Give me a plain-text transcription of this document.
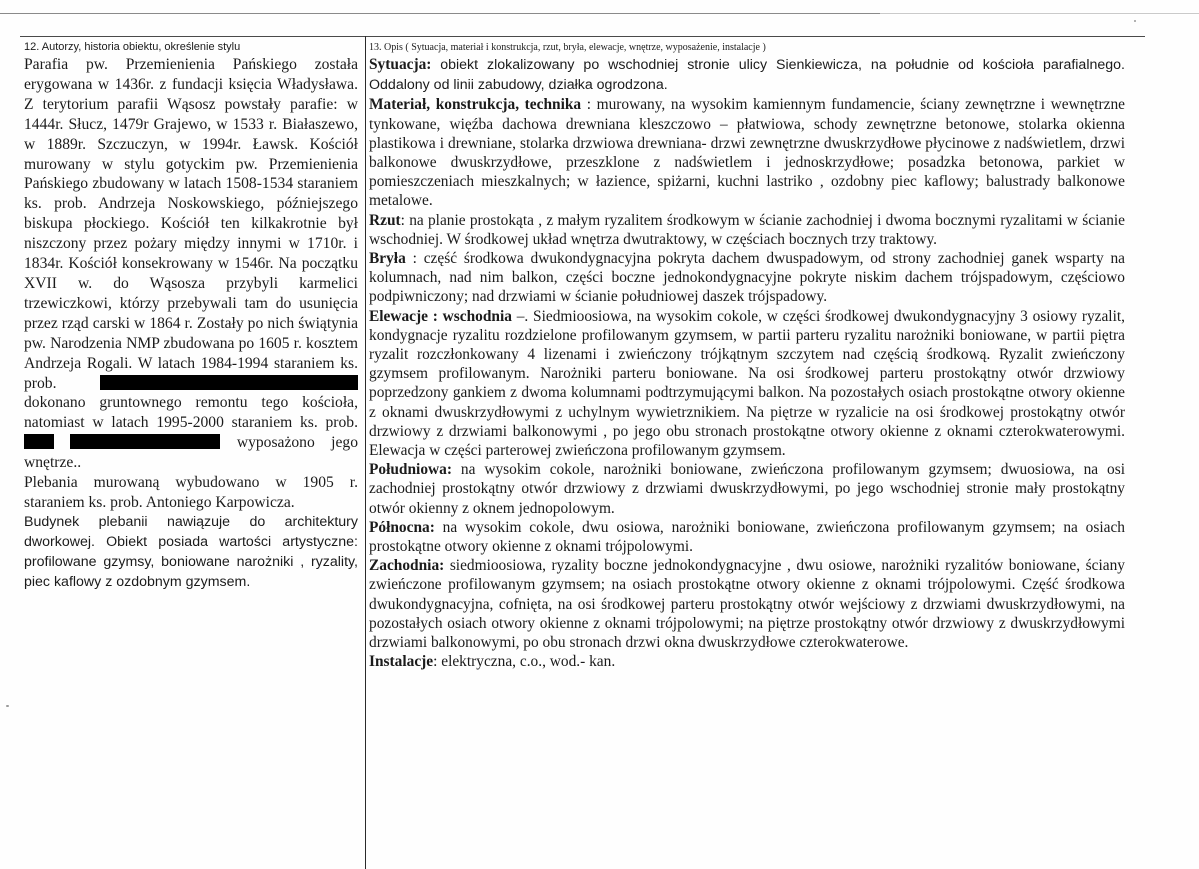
12. Autorzy, historia obiektu, określenie stylu

Parafia pw. Przemienienia Pańskiego została erygowana w 1436r. z fundacji księcia Władysława. Z terytorium parafii Wąsosz powstały parafie: w 1444r. Słucz, 1479r Grajewo, w 1533 r. Białaszewo, w 1889r. Szczuczyn, w 1994r. Ławsk. Kościół murowany w stylu gotyckim pw. Przemienienia Pańskiego zbudowany w latach 1508-1534 staraniem ks. prob. Andrzeja Noskowskiego, późniejszego biskupa płockiego. Kościół ten kilkakrotnie był niszczony przez pożary między innymi w 1710r. i 1834r. Kościół konsekrowany w 1546r. Na początku XVII w. do Wąsosza przybyli karmelici trzewiczkowi, którzy przebywali tam do usunięcia przez rząd carski w 1864 r. Zostały po nich świątynia pw. Narodzenia NMP zbudowana po 1605 r. kosztem Andrzeja Rogali. W latach 1984-1994 staraniem ks. prob.  dokonano gruntownego remontu tego kościoła, natomiast w latach 1995-2000 staraniem ks. prob.   wyposażono jego wnętrze..

Plebania murowaną wybudowano w 1905 r. staraniem ks. prob. Antoniego Karpowicza.

Budynek plebanii nawiązuje do architektury dworkowej. Obiekt posiada wartości artystyczne: profilowane gzymsy, boniowane narożniki , ryzality, piec kaflowy z ozdobnym gzymsem.

13. Opis ( Sytuacja, materiał i konstrukcja, rzut, bryła, elewacje, wnętrze, wyposażenie, instalacje )

Sytuacja: obiekt zlokalizowany po wschodniej stronie ulicy Sienkiewicza, na południe od kościoła parafialnego. Oddalony od linii zabudowy, działka ogrodzona.

Materiał, konstrukcja, technika : murowany, na wysokim kamiennym fundamencie, ściany zewnętrzne i wewnętrzne tynkowane, więźba dachowa drewniana kleszczowo – płatwiowa, schody zewnętrzne betonowe, stolarka okienna plastikowa i drewniane, stolarka drzwiowa drewniana- drzwi zewnętrzne dwuskrzydłowe płycinowe z nadświetlem, drzwi balkonowe dwuskrzydłowe, przeszklone z nadświetlem i jednoskrzydłowe; posadzka betonowa, parkiet w pomieszczeniach mieszkalnych; w łazience, spiżarni, kuchni lastriko , ozdobny piec kaflowy; balustrady balkonowe metalowe.

Rzut: na planie prostokąta , z małym ryzalitem środkowym w ścianie zachodniej i dwoma bocznymi ryzalitami w ścianie wschodniej. W środkowej układ wnętrza dwutraktowy, w częściach bocznych trzy traktowy.

Bryła : część środkowa dwukondygnacyjna pokryta dachem dwuspadowym, od strony zachodniej ganek wsparty na kolumnach, nad nim balkon, części boczne jednokondygnacyjne pokryte niskim dachem trójspadowym, częściowo podpiwniczony; nad drzwiami w ścianie południowej daszek trójspadowy.

Elewacje : wschodnia –. Siedmioosiowa, na wysokim cokole, w części środkowej dwukondygnacyjny 3 osiowy ryzalit, kondygnacje ryzalitu rozdzielone profilowanym gzymsem, w partii parteru ryzalitu narożniki boniowane, w partii piętra ryzalit rozczłonkowany 4 lizenami i zwieńczony trójkątnym szczytem nad częścią środkową. Ryzalit zwieńczony gzymsem profilowanym. Narożniki parteru boniowane. Na osi środkowej parteru prostokątny otwór drzwiowy poprzedzony gankiem z dwoma kolumnami podtrzymującymi balkon. Na pozostałych osiach prostokątne otwory okienne z oknami dwuskrzydłowymi z uchylnym wywietrznikiem. Na piętrze w ryzalicie na osi środkowej prostokątny otwór drzwiowy z drzwiami balkonowymi , po jego obu stronach prostokątne otwory okienne z oknami czterokwaterowymi. Elewacja w części parterowej zwieńczona profilowanym gzymsem.

Południowa: na wysokim cokole, narożniki boniowane, zwieńczona profilowanym gzymsem; dwuosiowa, na osi zachodniej prostokątny otwór drzwiowy z drzwiami dwuskrzydłowymi, po jego wschodniej stronie mały prostokątny otwór okienny z oknem jednopolowym.

Północna: na wysokim cokole, dwu osiowa, narożniki boniowane, zwieńczona profilowanym gzymsem; na osiach prostokątne otwory okienne z oknami trójpolowymi.

Zachodnia: siedmioosiowa, ryzality boczne jednokondygnacyjne , dwu osiowe, narożniki ryzalitów boniowane, ściany zwieńczone profilowanym gzymsem; na osiach prostokątne otwory okienne z oknami trójpolowymi. Część środkowa dwukondygnacyjna, cofnięta, na osi środkowej parteru prostokątny otwór wejściowy z drzwiami dwuskrzydłowymi, na pozostałych osiach otwory okienne z oknami trójpolowymi; na piętrze prostokątny otwór drzwiowy z dwuskrzydłowymi drzwiami balkonowymi, po obu stronach drzwi okna dwuskrzydłowe czterokwaterowe.

Instalacje: elektryczna, c.o., wod.- kan.
